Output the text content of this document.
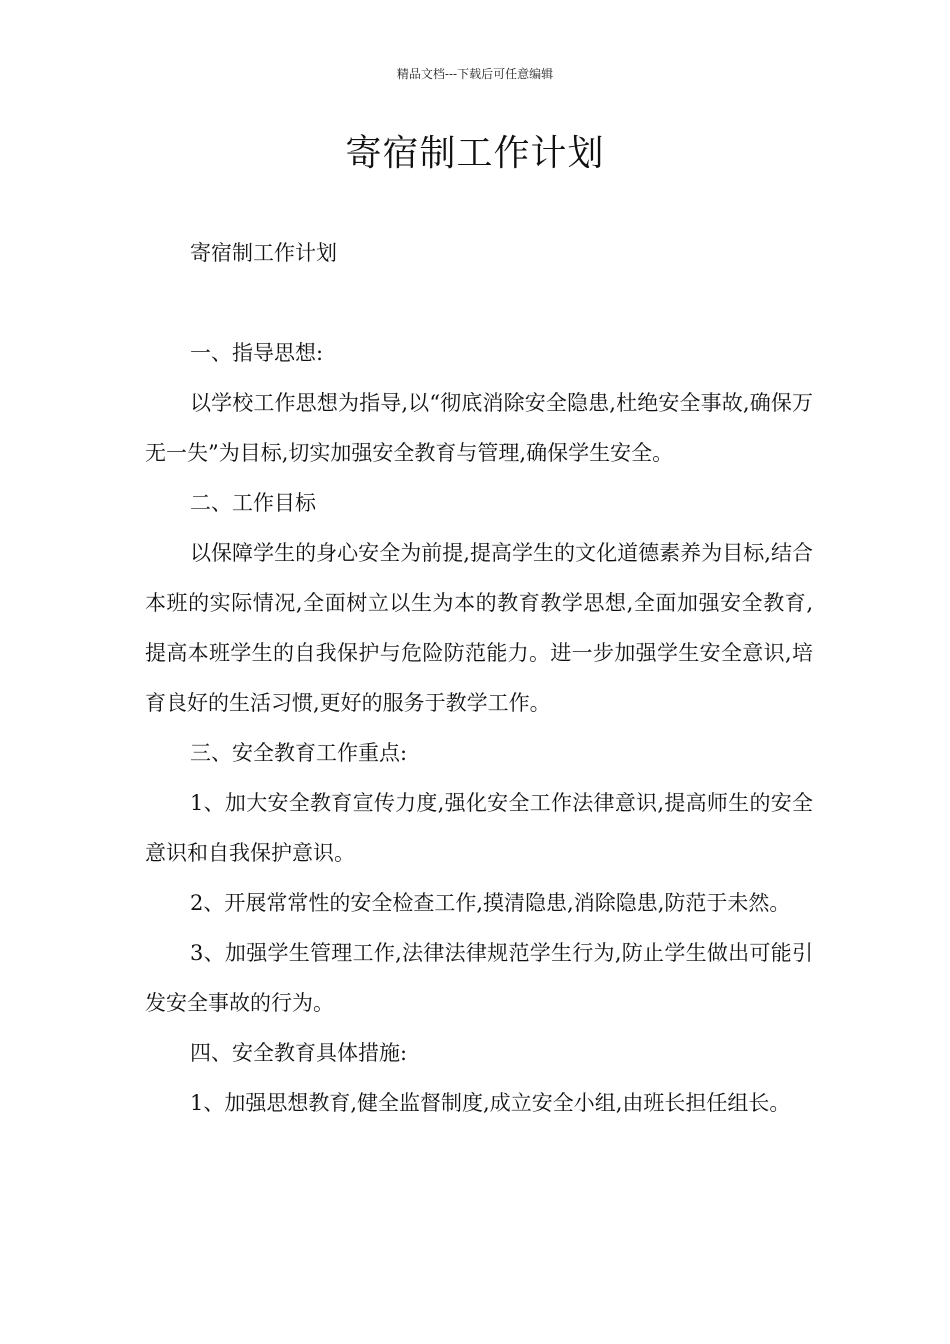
精品文档---下载后可任意编辑
寄宿制工作计划

寄宿制工作计划

一、指导思想:

以学校工作思想为指导,以“彻底消除安全隐患,杜绝安全事故,确保万无一失”为目标,切实加强安全教育与管理,确保学生安全。

二、工作目标

以保障学生的身心安全为前提,提高学生的文化道德素养为目标,结合本班的实际情况,全面树立以生为本的教育教学思想,全面加强安全教育,提高本班学生的自我保护与危险防范能力。进一步加强学生安全意识,培育良好的生活习惯,更好的服务于教学工作。

三、安全教育工作重点:

1、加大安全教育宣传力度,强化安全工作法律意识,提高师生的安全意识和自我保护意识。

2、开展常常性的安全检查工作,摸清隐患,消除隐患,防范于未然。

3、加强学生管理工作,法律法律规范学生行为,防止学生做出可能引发安全事故的行为。

四、安全教育具体措施:

1、加强思想教育,健全监督制度,成立安全小组,由班长担任组长。
